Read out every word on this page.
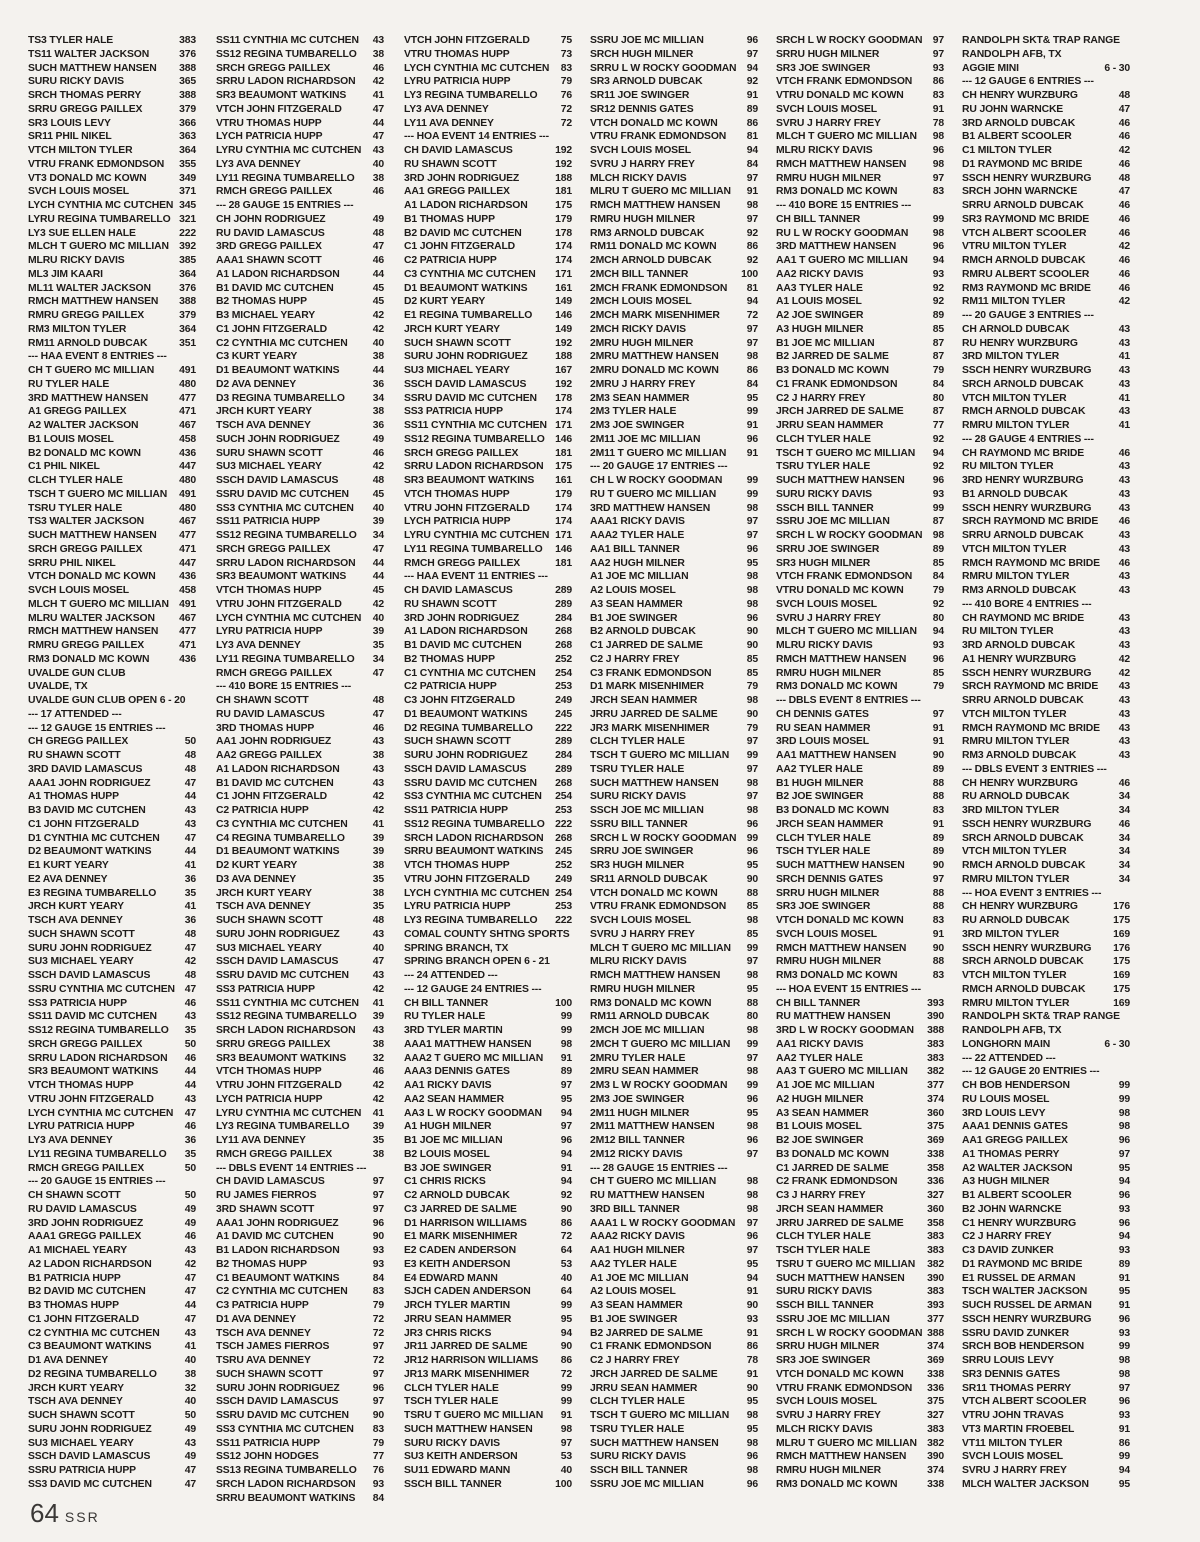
TS3 TYLER HALE	383
TS11 WALTER JACKSON	376
SUCH MATTHEW HANSEN 388
SURU RICKY DAVIS	365
SRCH THOMAS PERRY	388
SRRU GREGG PAILLEX	379
SR3 LOUIS LEVY	366
SR11 PHIL NIKEL	363
VTCH MILTON TYLER	364
VTRU FRANK EDMONDSON 355
VT3 DONALD MC KOWN	349
SVCH LOUIS MOSEL	371
LYCH CYNTHIA MC CUTCHEN 345
LYRU REGINA TUMBARELLO 321
LY3 SUE ELLEN HALE	222
MLCH T GUERO MC MILLIAN 392
MLRU RICKY DAVIS	385
ML3 JIM KAARI	364
ML11 WALTER JACKSON	376
RMCH MATTHEW HANSEN 388
RMRU GREGG PAILLEX	379
RM3 MILTON TYLER	364
RM11 ARNOLD DUBCAK	351
--- HAA EVENT 8 ENTRIES ---
CH T GUERO MC MILLIAN 491
RU TYLER HALE	480
3RD MATTHEW HANSEN	477
A1 GREGG PAILLEX	471
A2 WALTER JACKSON	467
B1 LOUIS MOSEL	458
B2 DONALD MC KOWN	436
C1 PHIL NIKEL	447
CLCH TYLER HALE	480
TSCH T GUERO MC MILLIAN 491
TSRU TYLER HALE	480
TS3 WALTER JACKSON	467
SUCH MATTHEW HANSEN 477
SRCH GREGG PAILLEX	471
SRRU PHIL NIKEL	447
VTCH DONALD MC KOWN 436
SVCH LOUIS MOSEL	458
MLCH T GUERO MC MILLIAN 491
MLRU WALTER JACKSON 467
RMCH MATTHEW HANSEN 477
RMRU GREGG PAILLEX	471
RM3 DONALD MC KOWN	436
UVALDE GUN CLUB
UVALDE, TX
UVALDE GUN CLUB OPEN 6 - 20
--- 17 ATTENDED ---
--- 12 GAUGE 15 ENTRIES ---
CH GREGG PAILLEX	50
RU SHAWN SCOTT	48
3RD DAVID LAMASCUS	48
AAA1 JOHN RODRIGUEZ	47
A1 THOMAS HUPP	44
B3 DAVID MC CUTCHEN	43
C1 JOHN FITZGERALD	43
D1 CYNTHIA MC CUTCHEN 47
D2 BEAUMONT WATKINS	44
E1 KURT YEARY	41
E2 AVA DENNEY	36
E3 REGINA TUMBARELLO	35
JRCH KURT YEARY	41
TSCH AVA DENNEY	36
SUCH SHAWN SCOTT	48
SURU JOHN RODRIGUEZ	47
SU3 MICHAEL YEARY	42
SSCH DAVID LAMASCUS	48
SSRU CYNTHIA MC CUTCHEN 47
SS3 PATRICIA HUPP	46
SS11 DAVID MC CUTCHEN	43
SS12 REGINA TUMBARELLO 35
SRCH GREGG PAILLEX	50
SRRU LADON RICHARDSON 46
SR3 BEAUMONT WATKINS	44
VTCH THOMAS HUPP	44
VTRU JOHN FITZGERALD	43
LYCH CYNTHIA MC CUTCHEN 47
LYRU PATRICIA HUPP	46
LY3 AVA DENNEY	36
LY11 REGINA TUMBARELLO 35
RMCH GREGG PAILLEX	50
--- 20 GAUGE 15 ENTRIES ---
CH SHAWN SCOTT	50
RU DAVID LAMASCUS	49
3RD JOHN RODRIGUEZ	49
AAA1 GREGG PAILLEX	46
A1 MICHAEL YEARY	43
A2 LADON RICHARDSON	42
B1 PATRICIA HUPP	47
B2 DAVID MC CUTCHEN	47
B3 THOMAS HUPP	44
C1 JOHN FITZGERALD	47
C2 CYNTHIA MC CUTCHEN 43
C3 BEAUMONT WATKINS	41
D1 AVA DENNEY	40
D2 REGINA TUMBARELLO	38
JRCH KURT YEARY	32
TSCH AVA DENNEY	40
SUCH SHAWN SCOTT	50
SURU JOHN RODRIGUEZ	49
SU3 MICHAEL YEARY	43
SSCH DAVID LAMASCUS	49
SSRU PATRICIA HUPP	47
SS3 DAVID MC CUTCHEN	47
SS11 CYNTHIA MC CUTCHEN 43
SS12 REGINA TUMBARELLO 38
SRCH GREGG PAILLEX	46
SRRU LADON RICHARDSON 42
SR3 BEAUMONT WATKINS	41
VTCH JOHN FITZGERALD	47
VTRU THOMAS HUPP	44
LYCH PATRICIA HUPP	47
LYRU CYNTHIA MC CUTCHEN 43
LY3 AVA DENNEY	40
LY11 REGINA TUMBARELLO 38
RMCH GREGG PAILLEX	46
--- 28 GAUGE 15 ENTRIES ---
CH JOHN RODRIGUEZ	49
RU DAVID LAMASCUS	48
3RD GREGG PAILLEX	47
AAA1 SHAWN SCOTT	46
A1 LADON RICHARDSON	44
B1 DAVID MC CUTCHEN	45
B2 THOMAS HUPP	45
B3 MICHAEL YEARY	42
C1 JOHN FITZGERALD	42
C2 CYNTHIA MC CUTCHEN 40
C3 KURT YEARY	38
D1 BEAUMONT WATKINS	44
D2 AVA DENNEY	36
D3 REGINA TUMBARELLO	34
JRCH KURT YEARY	38
TSCH AVA DENNEY	36
SUCH JOHN RODRIGUEZ	49
SURU SHAWN SCOTT	46
SU3 MICHAEL YEARY	42
SSCH DAVID LAMASCUS	48
SSRU DAVID MC CUTCHEN 45
SS3 CYNTHIA MC CUTCHEN 40
SS11 PATRICIA HUPP	39
SS12 REGINA TUMBARELLO 34
SRCH GREGG PAILLEX	47
SRRU LADON RICHARDSON 44
SR3 BEAUMONT WATKINS	44
VTCH THOMAS HUPP	45
VTRU JOHN FITZGERALD	42
LYCH CYNTHIA MC CUTCHEN 40
LYRU PATRICIA HUPP	39
LY3 AVA DENNEY	35
LY11 REGINA TUMBARELLO 34
RMCH GREGG PAILLEX	47
--- 410 BORE 15 ENTRIES ---
CH SHAWN SCOTT	48
RU DAVID LAMASCUS	47
3RD THOMAS HUPP	46
AA1 JOHN RODRIGUEZ	43
AA2 GREGG PAILLEX	38
A1 LADON RICHARDSON	43
B1 DAVID MC CUTCHEN	43
C1 JOHN FITZGERALD	42
C2 PATRICIA HUPP	42
C3 CYNTHIA MC CUTCHEN 41
C4 REGINA TUMBARELLO	39
D1 BEAUMONT WATKINS	39
D2 KURT YEARY	38
D3 AVA DENNEY	35
JRCH KURT YEARY	38
TSCH AVA DENNEY	35
SUCH SHAWN SCOTT	48
SURU JOHN RODRIGUEZ	43
SU3 MICHAEL YEARY	40
SSCH DAVID LAMASCUS	47
SSRU DAVID MC CUTCHEN 43
SS3 PATRICIA HUPP	42
SS11 CYNTHIA MC CUTCHEN 41
SS12 REGINA TUMBARELLO 39
SRCH LADON RICHARDSON 43
SRRU GREGG PAILLEX	38
SR3 BEAUMONT WATKINS	32
VTCH THOMAS HUPP	46
VTRU JOHN FITZGERALD	42
LYCH PATRICIA HUPP	42
LYRU CYNTHIA MC CUTCHEN 41
LY3 REGINA TUMBARELLO 39
LY11 AVA DENNEY	35
RMCH GREGG PAILLEX	38
--- DBLS EVENT 14 ENTRIES ---
CH DAVID LAMASCUS	97
RU JAMES FIERROS	97
3RD SHAWN SCOTT	97
AAA1 JOHN RODRIGUEZ	96
A1 DAVID MC CUTCHEN	90
B1 LADON RICHARDSON	93
B2 THOMAS HUPP	93
C1 BEAUMONT WATKINS	84
C2 CYNTHIA MC CUTCHEN 83
C3 PATRICIA HUPP	79
D1 AVA DENNEY	72
TSCH AVA DENNEY	72
TSCH JAMES FIERROS	97
TSRU AVA DENNEY	72
SUCH SHAWN SCOTT	97
SURU JOHN RODRIGUEZ	96
SSCH DAVID LAMASCUS	97
SSRU DAVID MC CUTCHEN 90
SS3 CYNTHIA MC CUTCHEN 83
SS11 PATRICIA HUPP	79
SS12 JOHN HODGES	77
SS13 REGINA TUMBARELLO 76
SRCH LADON RICHARDSON 93
SRRU BEAUMONT WATKINS 84
VTCH JOHN FITZGERALD	75
VTRU THOMAS HUPP	73
LYCH CYNTHIA MC CUTCHEN 83
LYRU PATRICIA HUPP	79
LY3 REGINA TUMBARELLO 76
LY3 AVA DENNEY	72
LY11 AVA DENNEY	72
--- HOA EVENT 14 ENTRIES ---
CH DAVID LAMASCUS	192
RU SHAWN SCOTT	192
3RD JOHN RODRIGUEZ	188
AA1 GREGG PAILLEX	181
A1 LADON RICHARDSON	175
B1 THOMAS HUPP	179
B2 DAVID MC CUTCHEN	178
C1 JOHN FITZGERALD	174
C2 PATRICIA HUPP	174
C3 CYNTHIA MC CUTCHEN 171
D1 BEAUMONT WATKINS	161
D2 KURT YEARY	149
E1 REGINA TUMBARELLO 146
JRCH KURT YEARY	149
SUCH SHAWN SCOTT	192
SURU JOHN RODRIGUEZ	188
SU3 MICHAEL YEARY	167
SSCH DAVID LAMASCUS	192
SSRU DAVID MC CUTCHEN 178
SS3 PATRICIA HUPP	174
SS11 CYNTHIA MC CUTCHEN 171
SS12 REGINA TUMBARELLO 146
SRCH GREGG PAILLEX	181
SRRU LADON RICHARDSON 175
SR3 BEAUMONT WATKINS 161
VTCH THOMAS HUPP	179
VTRU JOHN FITZGERALD 174
LYCH PATRICIA HUPP	174
LYRU CYNTHIA MC CUTCHEN 171
LY11 REGINA TUMBARELLO 146
RMCH GREGG PAILLEX	181
--- HAA EVENT 11 ENTRIES ---
CH DAVID LAMASCUS	289
RU SHAWN SCOTT	289
3RD JOHN RODRIGUEZ	284
A1 LADON RICHARDSON	268
B1 DAVID MC CUTCHEN	268
B2 THOMAS HUPP	252
C1 CYNTHIA MC CUTCHEN 254
C2 PATRICIA HUPP	253
C3 JOHN FITZGERALD	249
D1 BEAUMONT WATKINS	245
D2 REGINA TUMBARELLO 222
SUCH SHAWN SCOTT	289
SURU JOHN RODRIGUEZ	284
SSCH DAVID LAMASCUS	289
SSRU DAVID MC CUTCHEN 268
SS3 CYNTHIA MC CUTCHEN 254
SS11 PATRICIA HUPP	253
SS12 REGINA TUMBARELLO 222
SRCH LADON RICHARDSON 268
SRRU BEAUMONT WATKINS 245
VTCH THOMAS HUPP	252
VTRU JOHN FITZGERALD 249
LYCH CYNTHIA MC CUTCHEN 254
LYRU PATRICIA HUPP	253
LY3 REGINA TUMBARELLO 222
COMAL COUNTY SHTNG SPORTS
SPRING BRANCH, TX
SPRING BRANCH OPEN 6 - 21
--- 24 ATTENDED ---
--- 12 GAUGE 24 ENTRIES ---
CH BILL TANNER	100
RU TYLER HALE	99
3RD TYLER MARTIN	99
AAA1 MATTHEW HANSEN	98
AAA2 T GUERO MC MILLIAN 91
AAA3 DENNIS GATES	89
AA1 RICKY DAVIS	97
AA2 SEAN HAMMER	95
AA3 L W ROCKY GOODMAN 94
A1 HUGH MILNER	97
B1 JOE MC MILLIAN	96
B2 LOUIS MOSEL	94
B3 JOE SWINGER	91
C1 CHRIS RICKS	94
C2 ARNOLD DUBCAK	92
C3 JARRED DE SALME	90
D1 HARRISON WILLIAMS	86
E1 MARK MISENHIMER	72
E2 CADEN ANDERSON	64
E3 KEITH ANDERSON	53
E4 EDWARD MANN	40
SJCH CADEN ANDERSON	64
JRCH TYLER MARTIN	99
JRRU SEAN HAMMER	95
JR3 CHRIS RICKS	94
JR11 JARRED DE SALME	90
JR12 HARRISON WILLIAMS 86
JR13 MARK MISENHIMER	72
CLCH TYLER HALE	99
TSCH TYLER HALE	99
TSRU T GUERO MC MILLIAN 91
SUCH MATTHEW HANSEN	98
SURU RICKY DAVIS	97
SU3 KEITH ANDERSON	53
SU11 EDWARD MANN	40
SSCH BILL TANNER	100
SSRU JOE MC MILLIAN	96
SRCH HUGH MILNER	97
SRRU L W ROCKY GOODMAN 94
SR3 ARNOLD DUBCAK	92
SR11 JOE SWINGER	91
SR12 DENNIS GATES	89
VTCH DONALD MC KOWN	86
VTRU FRANK EDMONDSON 81
SVCH LOUIS MOSEL	94
SVRU J HARRY FREY	84
MLCH RICKY DAVIS	97
MLRU T GUERO MC MILLIAN 91
RMCH MATTHEW HANSEN	98
RMRU HUGH MILNER	97
RM3 ARNOLD DUBCAK	92
RM11 DONALD MC KOWN	86
2MCH ARNOLD DUBCAK	92
2MCH BILL TANNER	100
2MCH FRANK EDMONDSON 81
2MCH LOUIS MOSEL	94
2MCH MARK MISENHIMER	72
2MCH RICKY DAVIS	97
2MRU HUGH MILNER	97
2MRU MATTHEW HANSEN	98
2MRU DONALD MC KOWN	86
2MRU J HARRY FREY	84
2M3 SEAN HAMMER	95
2M3 TYLER HALE	99
2M3 JOE SWINGER	91
2M11 JOE MC MILLIAN	96
2M11 T GUERO MC MILLIAN 91
--- 20 GAUGE 17 ENTRIES ---
CH L W ROCKY GOODMAN 99
RU T GUERO MC MILLIAN	99
3RD MATTHEW HANSEN	98
AAA1 RICKY DAVIS	97
AAA2 TYLER HALE	97
AA1 BILL TANNER	96
AA2 HUGH MILNER	95
A1 JOE MC MILLIAN	98
A2 LOUIS MOSEL	98
A3 SEAN HAMMER	98
B1 JOE SWINGER	96
B2 ARNOLD DUBCAK	90
C1 JARRED DE SALME	90
C2 J HARRY FREY	85
C3 FRANK EDMONDSON	85
D1 MARK MISENHIMER	79
JRCH SEAN HAMMER	98
JRRU JARRED DE SALME	90
JR3 MARK MISENHIMER	79
CLCH TYLER HALE	97
TSCH T GUERO MC MILLIAN 99
TSRU TYLER HALE	97
SUCH MATTHEW HANSEN	98
SURU RICKY DAVIS	97
SSCH JOE MC MILLIAN	98
SSRU BILL TANNER	96
SRCH L W ROCKY GOODMAN 99
SRRU JOE SWINGER	96
SR3 HUGH MILNER	95
SR11 ARNOLD DUBCAK	90
VTCH DONALD MC KOWN	88
VTRU FRANK EDMONDSON 85
SVCH LOUIS MOSEL	98
SVRU J HARRY FREY	85
MLCH T GUERO MC MILLIAN 99
MLRU RICKY DAVIS	97
RMCH MATTHEW HANSEN	98
RMRU HUGH MILNER	95
RM3 DONALD MC KOWN	88
RM11 ARNOLD DUBCAK	80
2MCH JOE MC MILLIAN	98
2MCH T GUERO MC MILLIAN 99
2MRU TYLER HALE	97
2MRU SEAN HAMMER	98
2M3 L W ROCKY GOODMAN 99
2M3 JOE SWINGER	96
2M11 HUGH MILNER	95
2M11 MATTHEW HANSEN	98
2M12 BILL TANNER	96
2M12 RICKY DAVIS	97
--- 28 GAUGE 15 ENTRIES ---
CH T GUERO MC MILLIAN	98
RU MATTHEW HANSEN	98
3RD BILL TANNER	98
AAA1 L W ROCKY GOODMAN 97
AAA2 RICKY DAVIS	96
AA1 HUGH MILNER	97
AA2 TYLER HALE	95
A1 JOE MC MILLIAN	94
A2 LOUIS MOSEL	91
A3 SEAN HAMMER	90
B1 JOE SWINGER	93
B2 JARRED DE SALME	91
C1 FRANK EDMONDSON	86
C2 J HARRY FREY	78
JRCH JARRED DE SALME	91
JRRU SEAN HAMMER	90
CLCH TYLER HALE	95
TSCH T GUERO MC MILLIAN 98
TSRU TYLER HALE	95
SUCH MATTHEW HANSEN	98
SURU RICKY DAVIS	96
SSCH BILL TANNER	98
SSRU JOE MC MILLIAN	96
SRCH L W ROCKY GOODMAN 97
SRRU HUGH MILNER	97
SR3 JOE SWINGER	93
VTCH FRANK EDMONDSON 86
VTRU DONALD MC KOWN	83
SVCH LOUIS MOSEL	91
SVRU J HARRY FREY	78
MLCH T GUERO MC MILLIAN 98
MLRU RICKY DAVIS	96
RMCH MATTHEW HANSEN	98
RMRU HUGH MILNER	97
RM3 DONALD MC KOWN	83
--- 410 BORE 15 ENTRIES ---
CH BILL TANNER	99
RU L W ROCKY GOODMAN 98
3RD MATTHEW HANSEN	96
AA1 T GUERO MC MILLIAN 94
AA2 RICKY DAVIS	93
AA3 TYLER HALE	92
A1 LOUIS MOSEL	92
A2 JOE SWINGER	89
A3 HUGH MILNER	85
B1 JOE MC MILLIAN	87
B2 JARRED DE SALME	87
B3 DONALD MC KOWN	79
C1 FRANK EDMONDSON	84
C2 J HARRY FREY	80
JRCH JARRED DE SALME	87
JRRU SEAN HAMMER	77
CLCH TYLER HALE	92
TSCH T GUERO MC MILLIAN 94
TSRU TYLER HALE	92
SUCH MATTHEW HANSEN	96
SURU RICKY DAVIS	93
SSCH BILL TANNER	99
SSRU JOE MC MILLIAN	87
SRCH L W ROCKY GOODMAN 98
SRRU JOE SWINGER	89
SR3 HUGH MILNER	85
VTCH FRANK EDMONDSON 84
VTRU DONALD MC KOWN	79
SVCH LOUIS MOSEL	92
SVRU J HARRY FREY	80
MLCH T GUERO MC MILLIAN 94
MLRU RICKY DAVIS	93
RMCH MATTHEW HANSEN	96
RMRU HUGH MILNER	85
RM3 DONALD MC KOWN	79
--- DBLS EVENT 8 ENTRIES ---
CH DENNIS GATES	97
RU SEAN HAMMER	91
3RD LOUIS MOSEL	91
AA1 MATTHEW HANSEN	90
AA2 TYLER HALE	89
B1 HUGH MILNER	88
B2 JOE SWINGER	88
B3 DONALD MC KOWN	83
JRCH SEAN HAMMER	91
CLCH TYLER HALE	89
TSCH TYLER HALE	89
SUCH MATTHEW HANSEN	90
SRCH DENNIS GATES	97
SRRU HUGH MILNER	88
SR3 JOE SWINGER	88
VTCH DONALD MC KOWN	83
SVCH LOUIS MOSEL	91
RMCH MATTHEW HANSEN	90
RMRU HUGH MILNER	88
RM3 DONALD MC KOWN	83
--- HOA EVENT 15 ENTRIES ---
CH BILL TANNER	393
RU MATTHEW HANSEN	390
3RD L W ROCKY GOODMAN 388
AA1 RICKY DAVIS	383
AA2 TYLER HALE	383
AA3 T GUERO MC MILLIAN 382
A1 JOE MC MILLIAN	377
A2 HUGH MILNER	374
A3 SEAN HAMMER	360
B1 LOUIS MOSEL	375
B2 JOE SWINGER	369
B3 DONALD MC KOWN	338
C1 JARRED DE SALME	358
C2 FRANK EDMONDSON	336
C3 J HARRY FREY	327
JRCH SEAN HAMMER	360
JRRU JARRED DE SALME 358
CLCH TYLER HALE	383
TSCH TYLER HALE	383
TSRU T GUERO MC MILLIAN 382
SUCH MATTHEW HANSEN 390
SURU RICKY DAVIS	383
SSCH BILL TANNER	393
SSRU JOE MC MILLIAN	377
SRCH L W ROCKY GOODMAN 388
SRRU HUGH MILNER	374
SR3 JOE SWINGER	369
VTCH DONALD MC KOWN 338
VTRU FRANK EDMONDSON 336
SVCH LOUIS MOSEL	375
SVRU J HARRY FREY	327
MLCH RICKY DAVIS	383
MLRU T GUERO MC MILLIAN 382
RMCH MATTHEW HANSEN 390
RMRU HUGH MILNER	374
RM3 DONALD MC KOWN	338
RANDOLPH SKT& TRAP RANGE
RANDOLPH AFB, TX
AGGIE MINI	6 - 30
--- 12 GAUGE 6 ENTRIES ---
CH HENRY WURZBURG	48
RU JOHN WARNCKE	47
3RD ARNOLD DUBCAK	46
B1 ALBERT SCOOLER	46
C1 MILTON TYLER	42
D1 RAYMOND MC BRIDE	46
SSCH HENRY WURZBURG	48
SRCH JOHN WARNCKE	47
SRRU ARNOLD DUBCAK	46
SR3 RAYMOND MC BRIDE	46
VTCH ALBERT SCOOLER	46
VTRU MILTON TYLER	42
RMCH ARNOLD DUBCAK	46
RMRU ALBERT SCOOLER	46
RM3 RAYMOND MC BRIDE	46
RM11 MILTON TYLER	42
--- 20 GAUGE 3 ENTRIES ---
CH ARNOLD DUBCAK	43
RU HENRY WURZBURG	43
3RD MILTON TYLER	41
SSCH HENRY WURZBURG	43
SRCH ARNOLD DUBCAK	43
VTCH MILTON TYLER	41
RMCH ARNOLD DUBCAK	43
RMRU MILTON TYLER	41
--- 28 GAUGE 4 ENTRIES ---
CH RAYMOND MC BRIDE	46
RU MILTON TYLER	43
3RD HENRY WURZBURG	43
B1 ARNOLD DUBCAK	43
SSCH HENRY WURZBURG	43
SRCH RAYMOND MC BRIDE 46
SRRU ARNOLD DUBCAK	43
VTCH MILTON TYLER	43
RMCH RAYMOND MC BRIDE 46
RMRU MILTON TYLER	43
RM3 ARNOLD DUBCAK	43
--- 410 BORE 4 ENTRIES ---
CH RAYMOND MC BRIDE	43
RU MILTON TYLER	43
3RD ARNOLD DUBCAK	43
A1 HENRY WURZBURG	42
SSCH HENRY WURZBURG	42
SRCH RAYMOND MC BRIDE 43
SRRU ARNOLD DUBCAK	43
VTCH MILTON TYLER	43
RMCH RAYMOND MC BRIDE 43
RMRU MILTON TYLER	43
RM3 ARNOLD DUBCAK	43
--- DBLS EVENT 3 ENTRIES ---
CH HENRY WURZBURG	46
RU ARNOLD DUBCAK	34
3RD MILTON TYLER	34
SSCH HENRY WURZBURG	46
SRCH ARNOLD DUBCAK	34
VTCH MILTON TYLER	34
RMCH ARNOLD DUBCAK	34
RMRU MILTON TYLER	34
--- HOA EVENT 3 ENTRIES ---
CH HENRY WURZBURG	176
RU ARNOLD DUBCAK	175
3RD MILTON TYLER	169
SSCH HENRY WURZBURG 176
SRCH ARNOLD DUBCAK	175
VTCH MILTON TYLER	169
RMCH ARNOLD DUBCAK	175
RMRU MILTON TYLER	169
RANDOLPH SKT& TRAP RANGE
RANDOLPH AFB, TX
LONGHORN MAIN	6 - 30
--- 22 ATTENDED ---
--- 12 GAUGE 20 ENTRIES ---
CH BOB HENDERSON	99
RU LOUIS MOSEL	99
3RD LOUIS LEVY	98
AAA1 DENNIS GATES	98
AA1 GREGG PAILLEX	96
A1 THOMAS PERRY	97
A2 WALTER JACKSON	95
A3 HUGH MILNER	94
B1 ALBERT SCOOLER	96
B2 JOHN WARNCKE	93
C1 HENRY WURZBURG	96
C2 J HARRY FREY	94
C3 DAVID ZUNKER	93
D1 RAYMOND MC BRIDE	89
E1 RUSSEL DE ARMAN	91
TSCH WALTER JACKSON	95
SUCH RUSSEL DE ARMAN	91
SSCH HENRY WURZBURG	96
SSRU DAVID ZUNKER	93
SRCH BOB HENDERSON	99
SRRU LOUIS LEVY	98
SR3 DENNIS GATES	98
SR11 THOMAS PERRY	97
VTCH ALBERT SCOOLER	96
VTRU JOHN TRAVAS	93
VT3 MARTIN FROEBEL	91
VT11 MILTON TYLER	86
SVCH LOUIS MOSEL	99
SVRU J HARRY FREY	94
MLCH WALTER JACKSON	95
64 SSR
